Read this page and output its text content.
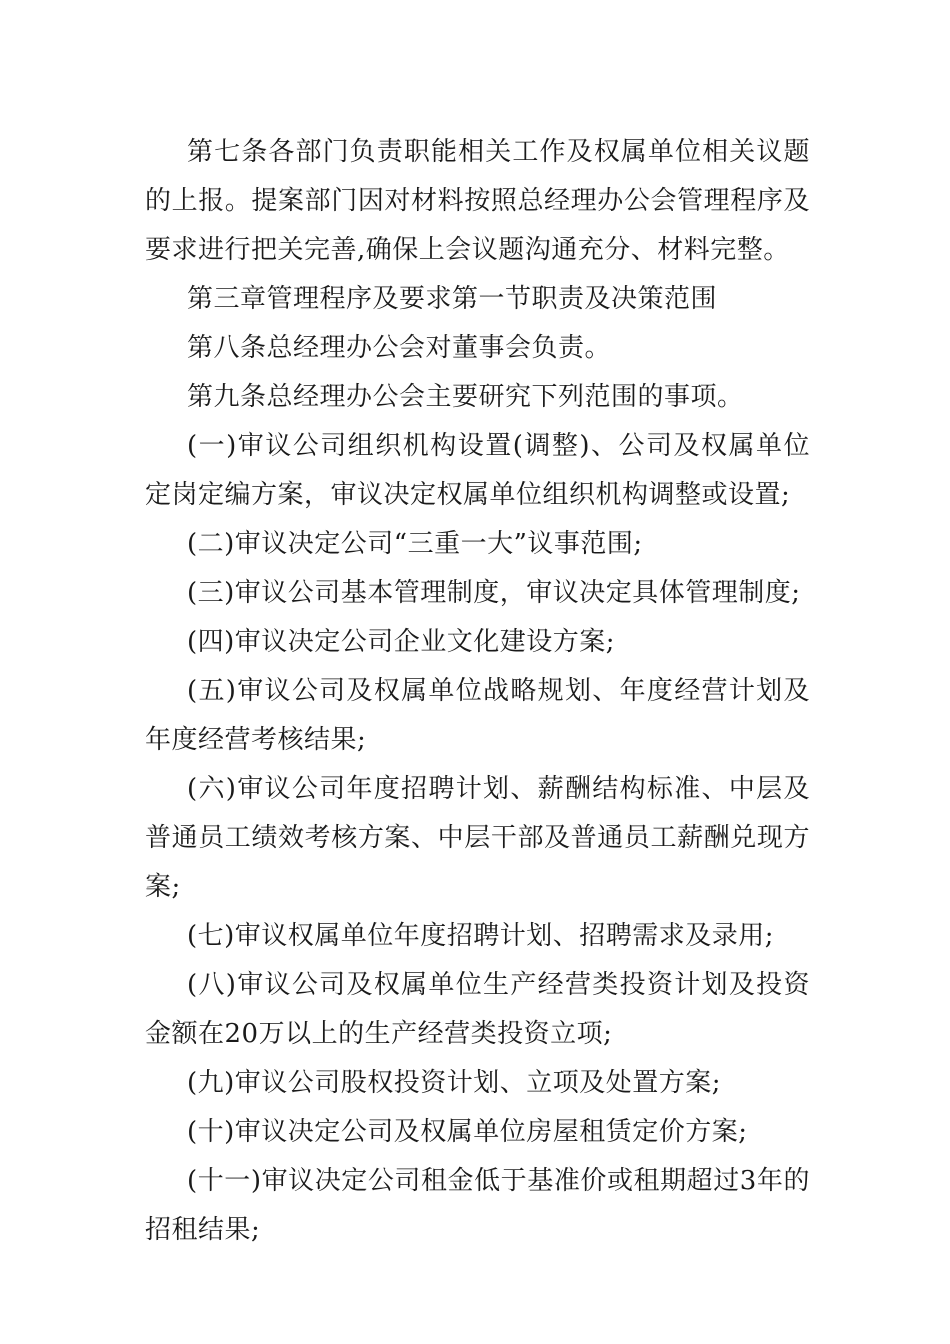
第七条各部门负责职能相关工作及权属单位相关议题的上报。提案部门因对材料按照总经理办公会管理程序及要求进行把关完善,确保上会议题沟通充分、材料完整。

第三章管理程序及要求第一节职责及决策范围

第八条总经理办公会对董事会负责。

第九条总经理办公会主要研究下列范围的事项。

(一)审议公司组织机构设置(调整)、公司及权属单位定岗定编方案，审议决定权属单位组织机构调整或设置;

(二)审议决定公司“三重一大”议事范围;

(三)审议公司基本管理制度，审议决定具体管理制度;

(四)审议决定公司企业文化建设方案;

(五)审议公司及权属单位战略规划、年度经营计划及年度经营考核结果;

(六)审议公司年度招聘计划、薪酬结构标准、中层及普通员工绩效考核方案、中层干部及普通员工薪酬兑现方案;

(七)审议权属单位年度招聘计划、招聘需求及录用;

(八)审议公司及权属单位生产经营类投资计划及投资金额在20万以上的生产经营类投资立项;

(九)审议公司股权投资计划、立项及处置方案;

(十)审议决定公司及权属单位房屋租赁定价方案;

(十一)审议决定公司租金低于基准价或租期超过3年的招租结果;
